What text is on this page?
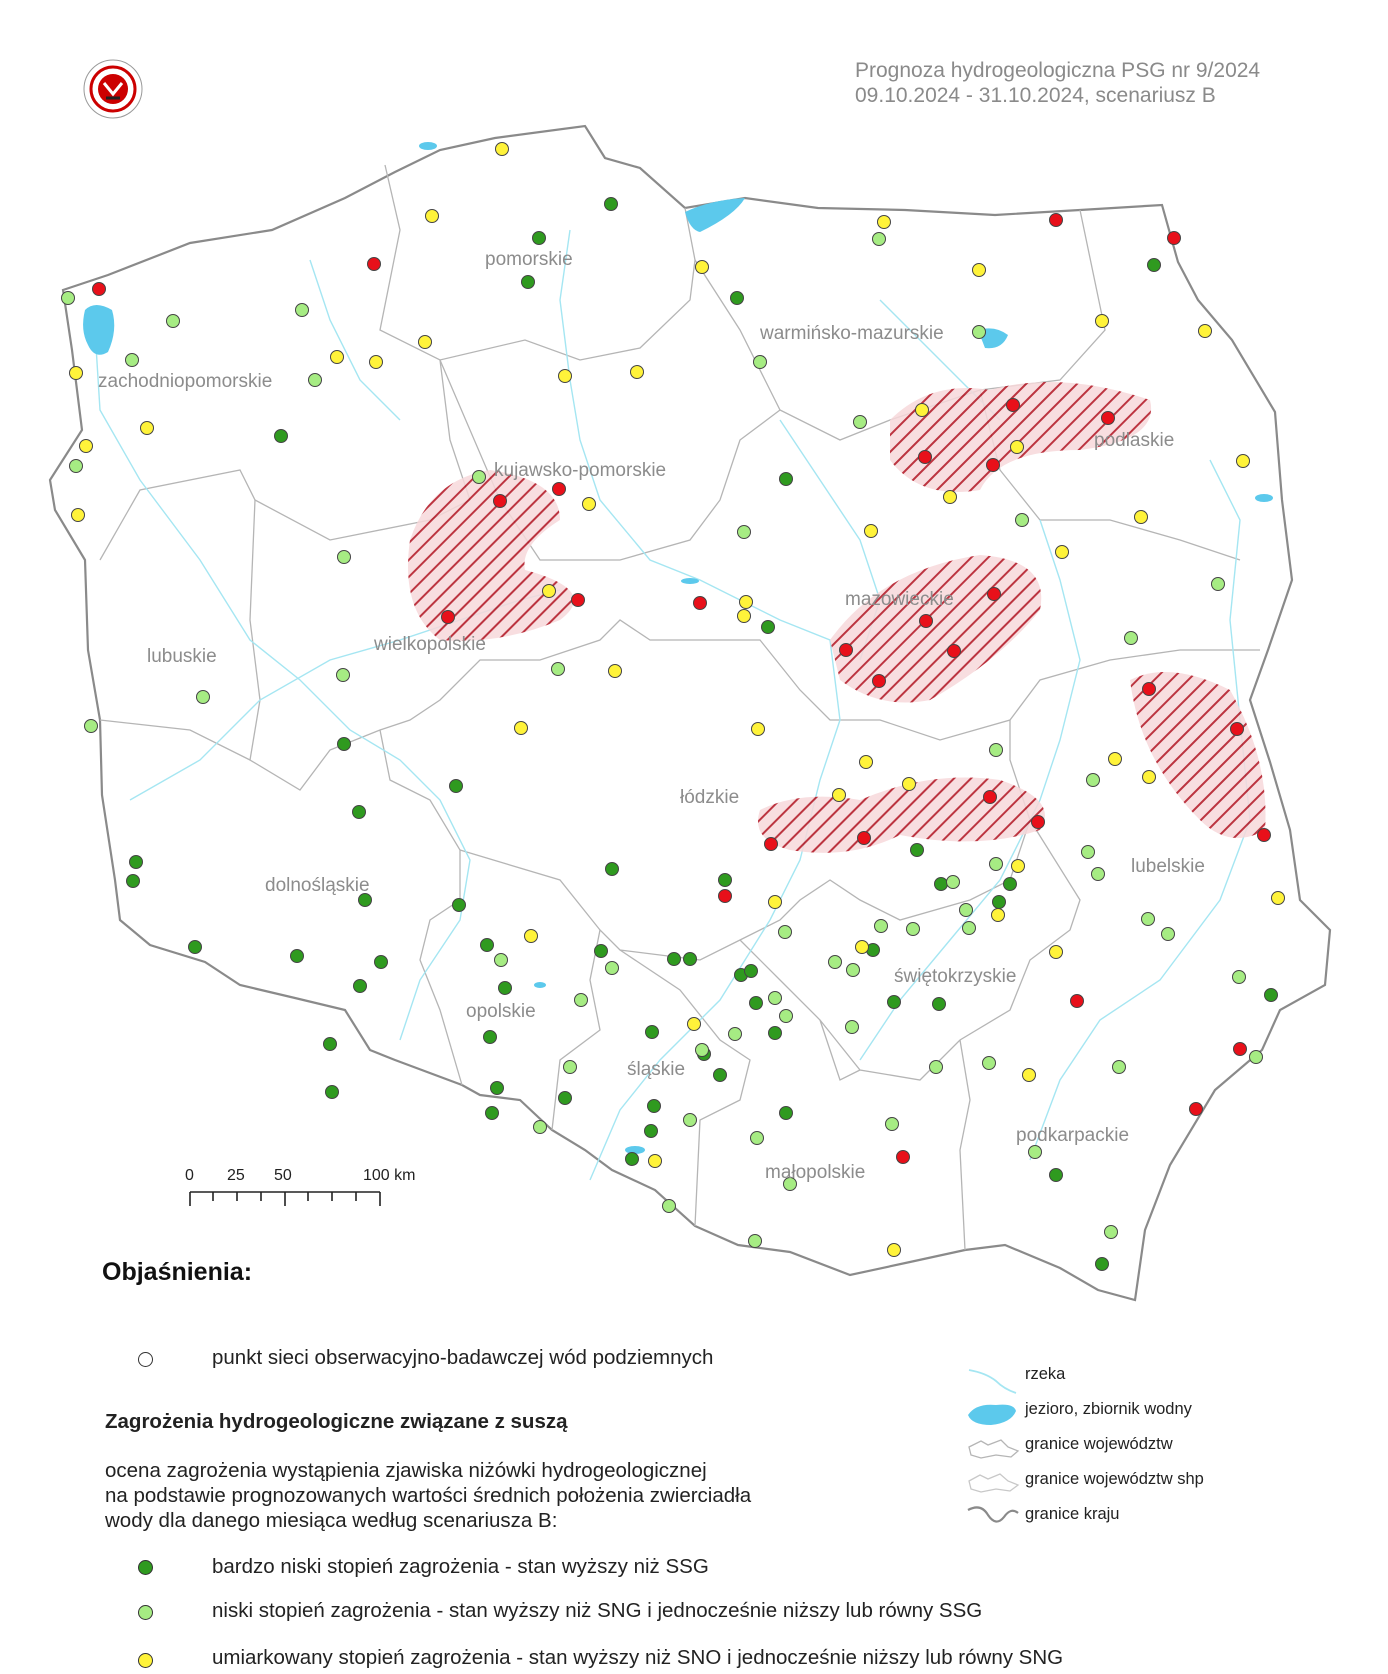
Prognoza hydrogeologiczna PSG nr 9/2024
09.10.2024 - 31.10.2024, scenariusz B
pomorskie
warmińsko-mazurskie
zachodniopomorskie
podlaskie
kujawsko-pomorskie
mazowieckie
wielkopolskie
lubuskie
łódzkie
lubelskie
dolnośląskie
świętokrzyskie
opolskie
śląskie
podkarpackie
małopolskie
0 25 50	100 km
Objaśnienia:
punkt sieci obserwacyjno-badawczej wód podziemnych
Zagrożenia hydrogeologiczne związane z suszą
ocena zagrożenia wystąpienia zjawiska niżówki hydrogeologicznej
na podstawie prognozowanych wartości średnich położenia zwierciadła
wody dla danego miesiąca według scenariusza B:
bardzo niski stopień zagrożenia - stan wyższy niż SSG
niski stopień zagrożenia - stan wyższy niż SNG i jednocześnie niższy lub równy SSG
umiarkowany stopień zagrożenia - stan wyższy niż SNO i jednocześnie niższy lub równy SNG
rzeka
jezioro, zbiornik wodny
granice województw
granice województw shp
granice kraju
